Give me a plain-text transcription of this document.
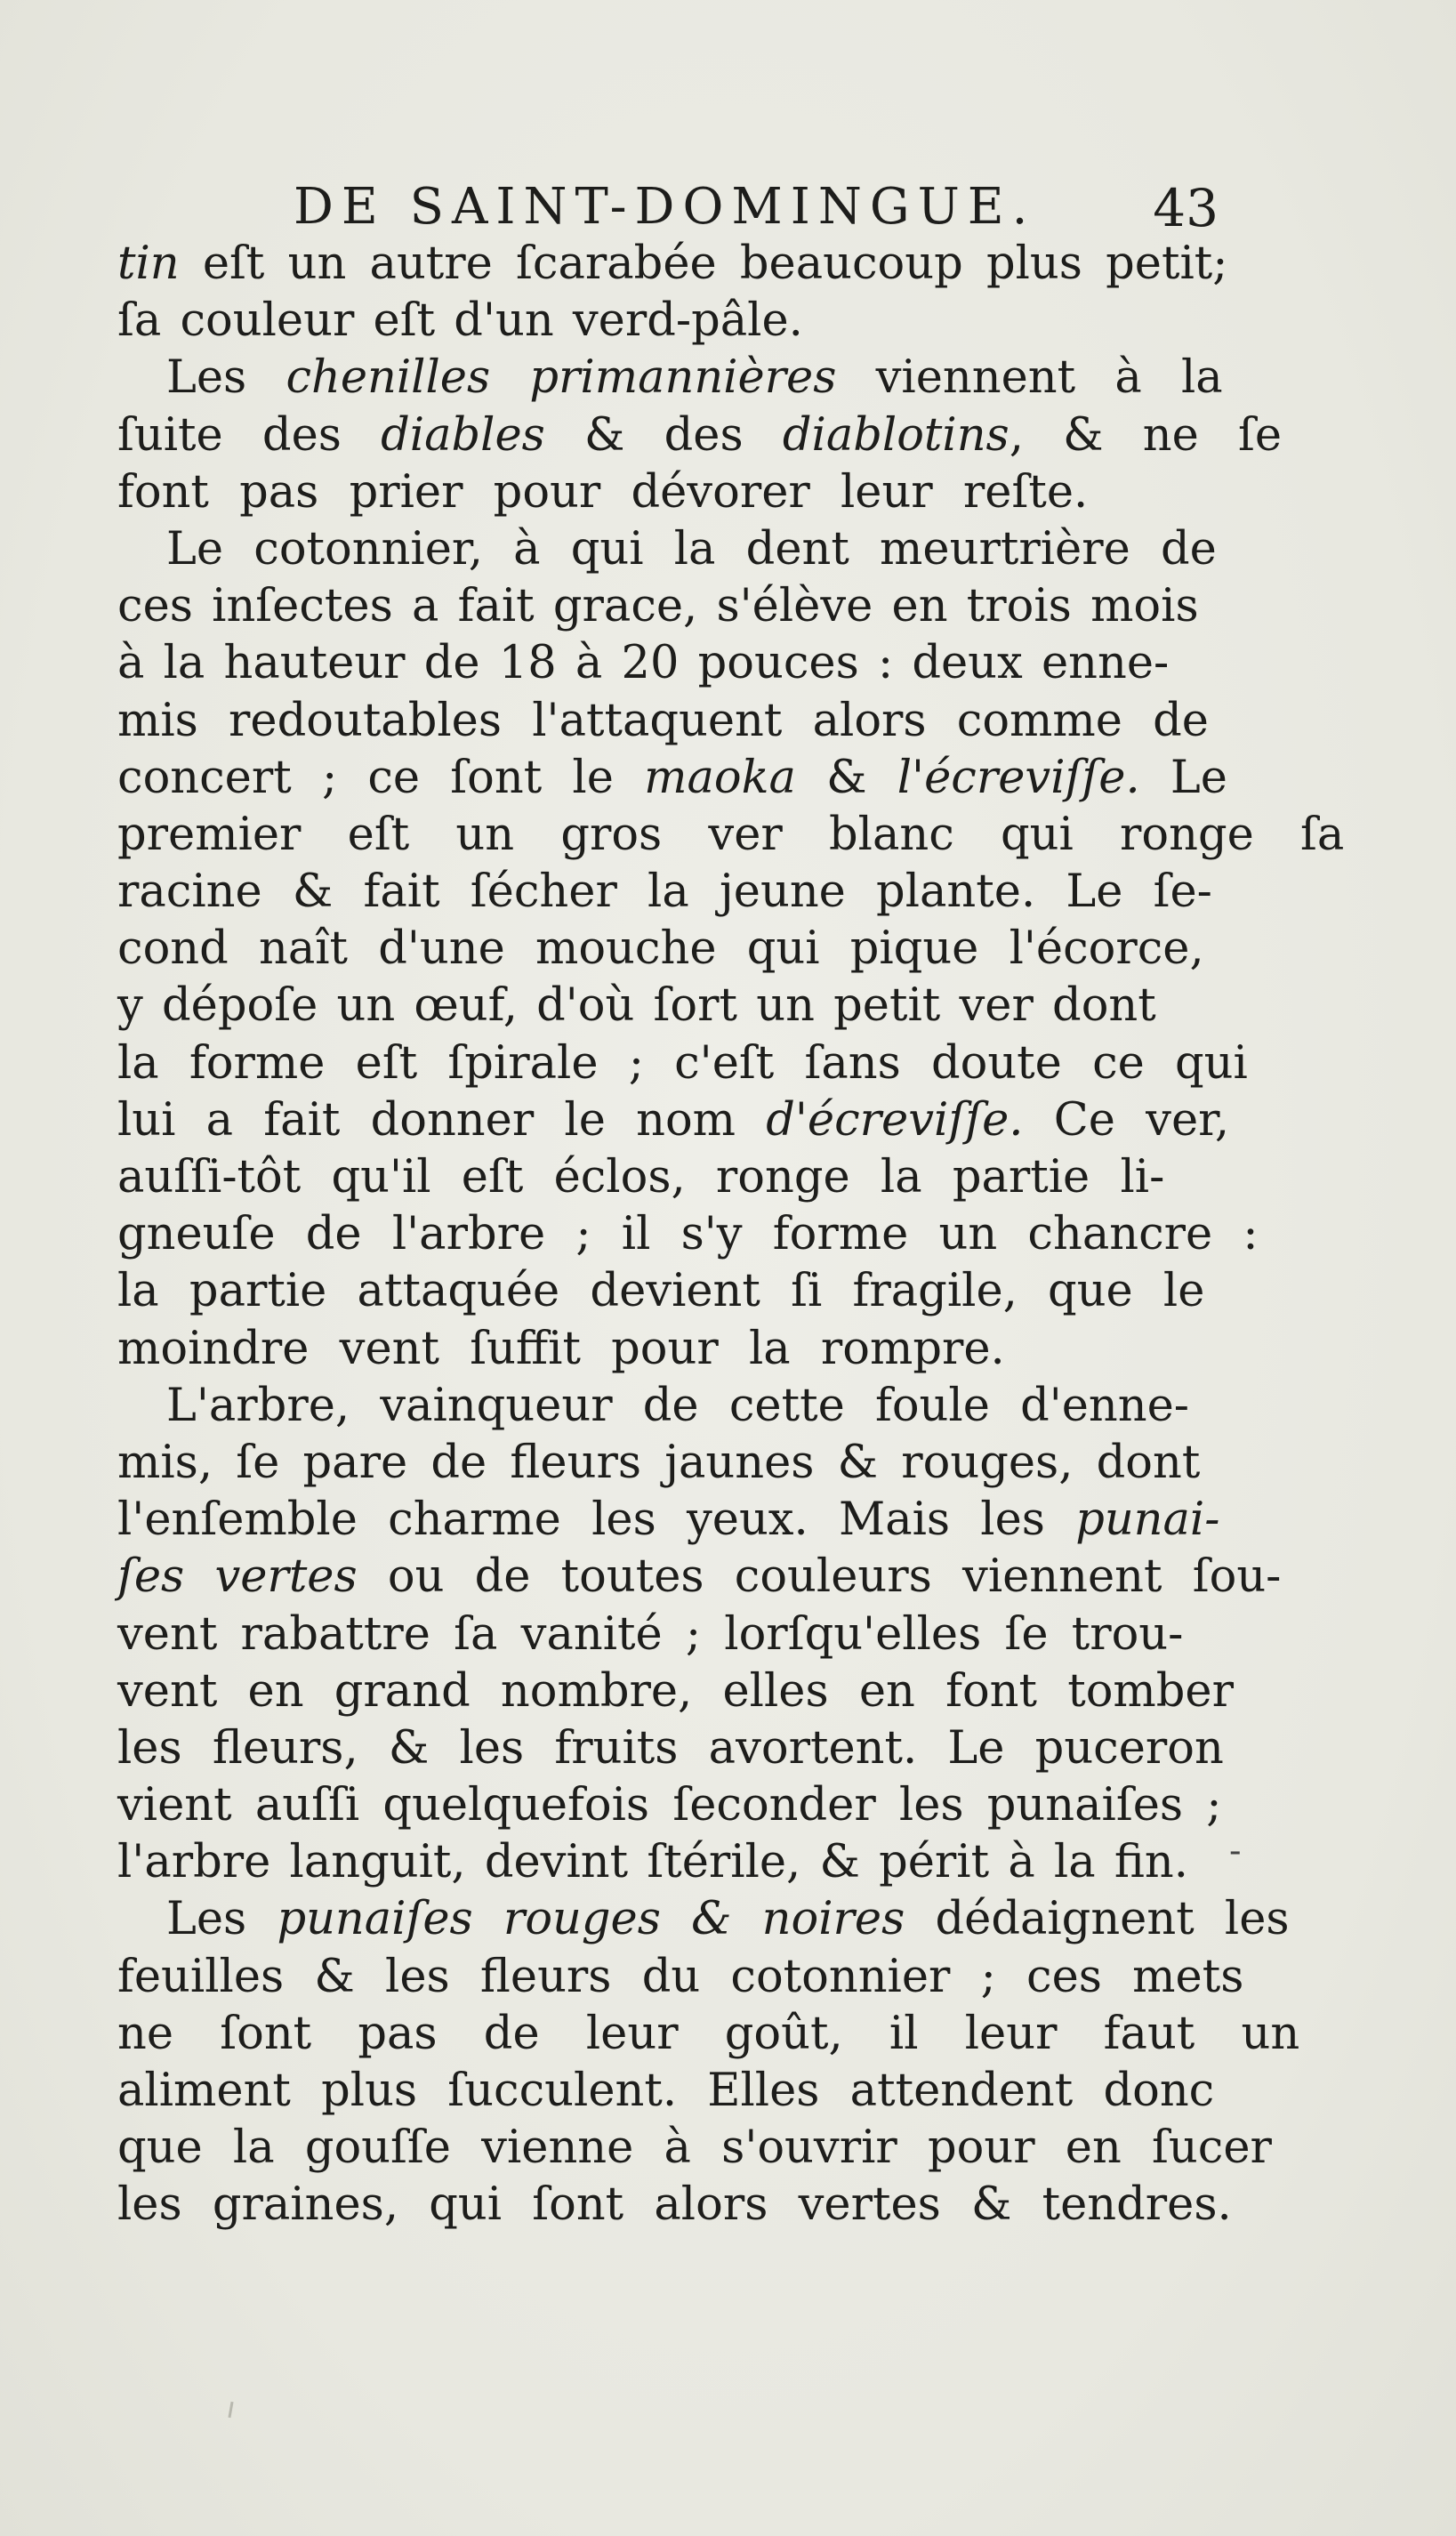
DE SAINT-DOMINGUE. 43
tin eſt un autre ſcarabée beaucoup plus petit;
ſa couleur eſt d'un verd-pâle.
Les chenilles primannières viennent à la
ſuite des diables & des diablotins, & ne ſe
font pas prier pour dévorer leur reſte.
Le cotonnier, à qui la dent meurtrière de
ces inſectes a fait grace, s'élève en trois mois
à la hauteur de 18 à 20 pouces : deux enne-
mis redoutables l'attaquent alors comme de
concert ; ce ſont le maoka & l'écreviſſe. Le
premier eſt un gros ver blanc qui ronge ſa
racine & fait ſécher la jeune plante. Le ſe-
cond naît d'une mouche qui pique l'écorce,
y dépoſe un œuf, d'où ſort un petit ver dont
la forme eſt ſpirale ; c'eſt ſans doute ce qui
lui a fait donner le nom d'écreviſſe. Ce ver,
auſſi-tôt qu'il eſt éclos, ronge la partie li-
gneuſe de l'arbre ; il s'y forme un chancre :
la partie attaquée devient ſi fragile, que le
moindre vent ſuffit pour la rompre.
L'arbre, vainqueur de cette foule d'enne-
mis, ſe pare de fleurs jaunes & rouges, dont
l'enſemble charme les yeux. Mais les punai-
ſes vertes ou de toutes couleurs viennent ſou-
vent rabattre ſa vanité ; lorſqu'elles ſe trou-
vent en grand nombre, elles en font tomber
les fleurs, & les fruits avortent. Le puceron
vient auſſi quelquefois ſeconder les punaiſes ;
l'arbre languit, devint ſtérile, & périt à la fin.
Les punaiſes rouges & noires dédaignent les
feuilles & les fleurs du cotonnier ; ces mets
ne ſont pas de leur goût, il leur faut un
aliment plus ſucculent. Elles attendent donc
que la gouſſe vienne à s'ouvrir pour en ſucer
les graines, qui ſont alors vertes & tendres.
-
